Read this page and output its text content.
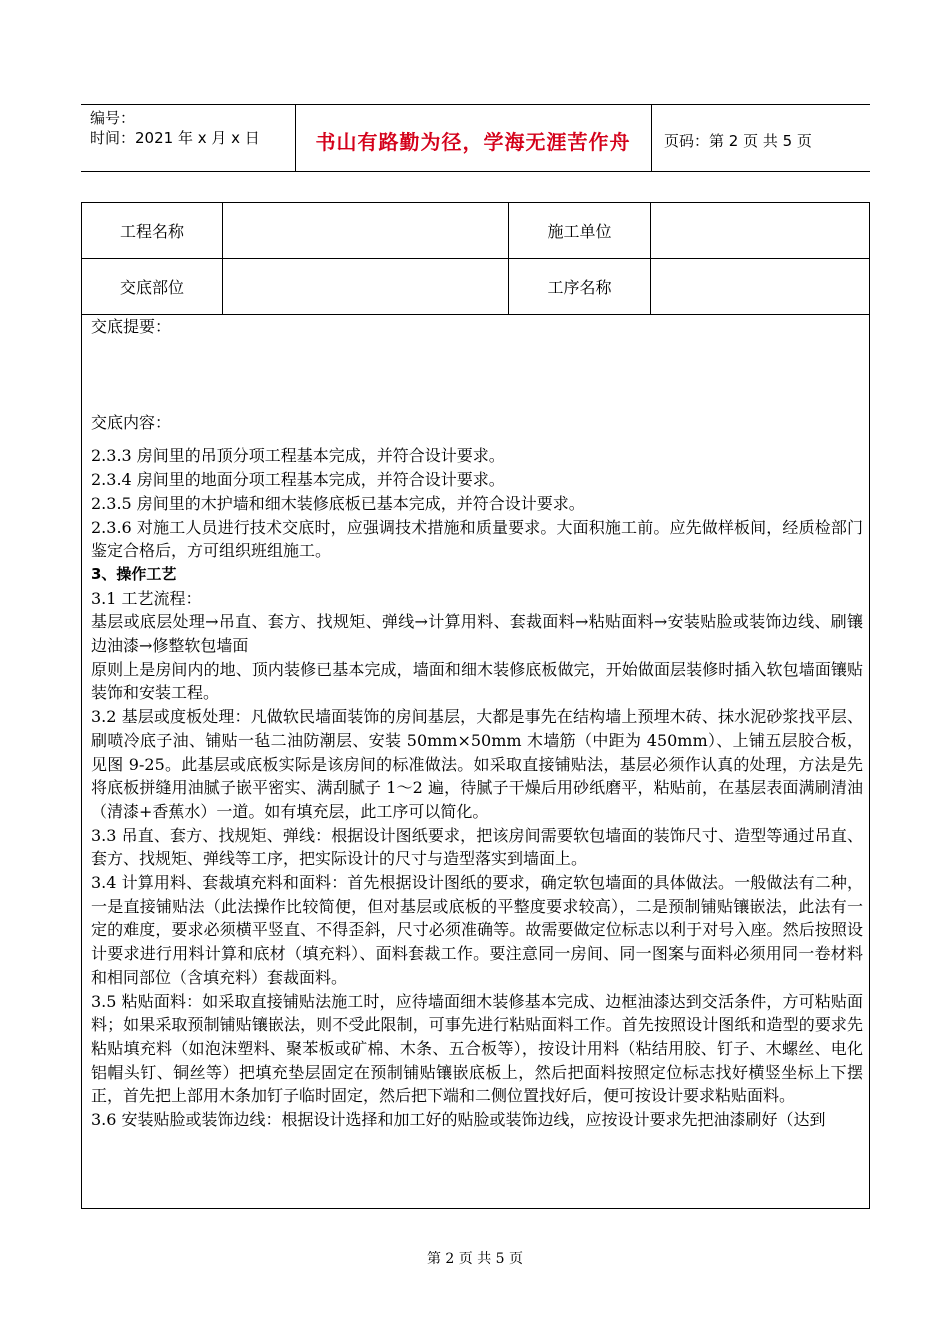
编号：
时间：2021 年 x 月 x 日	书山有路勤为径，学海无涯苦作舟	页码：第 2 页 共 5 页
工程名称	施工单位
交底部位	工序名称

交底提要：

交底内容：

2.3.3 房间里的吊顶分项工程基本完成，并符合设计要求。

2.3.4 房间里的地面分项工程基本完成，并符合设计要求。

2.3.5 房间里的木护墙和细木装修底板已基本完成，并符合设计要求。

2.3.6 对施工人员进行技术交底时，应强调技术措施和质量要求。大面积施工前。应先做样板间，经质检部门鉴定合格后，方可组织班组施工。

3、操作工艺

3.1 工艺流程：

基层或底层处理→吊直、套方、找规矩、弹线→计算用料、套裁面料→粘贴面料→安装贴脸或装饰边线、刷镶边油漆→修整软包墙面

原则上是房间内的地、顶内装修已基本完成，墙面和细木装修底板做完，开始做面层装修时插入软包墙面镶贴装饰和安装工程。

3.2 基层或度板处理：凡做软民墙面装饰的房间基层，大都是事先在结构墙上预埋木砖、抹水泥砂浆找平层、刷喷冷底子油、铺贴一毡二油防潮层、安装 50mm×50mm 木墙筋（中距为 450mm）、上铺五层胶合板，见图 9-25。此基层或底板实际是该房间的标准做法。如采取直接铺贴法，基层必须作认真的处理，方法是先将底板拼缝用油腻子嵌平密实、满刮腻子 1～2 遍，待腻子干燥后用砂纸磨平，粘贴前，在基层表面满刷清油（清漆+香蕉水）一道。如有填充层，此工序可以简化。

3.3 吊直、套方、找规矩、弹线：根据设计图纸要求，把该房间需要软包墙面的装饰尺寸、造型等通过吊直、套方、找规矩、弹线等工序，把实际设计的尺寸与造型落实到墙面上。

3.4 计算用料、套裁填充料和面料：首先根据设计图纸的要求，确定软包墙面的具体做法。一般做法有二种，一是直接铺贴法（此法操作比较简便，但对基层或底板的平整度要求较高），二是预制铺贴镶嵌法，此法有一定的难度，要求必须横平竖直、不得歪斜，尺寸必须准确等。故需要做定位标志以利于对号入座。然后按照设计要求进行用料计算和底材（填充料）、面料套裁工作。要注意同一房间、同一图案与面料必须用同一卷材料和相同部位（含填充料）套裁面料。

3.5 粘贴面料：如采取直接铺贴法施工时，应待墙面细木装修基本完成、边框油漆达到交活条件，方可粘贴面料；如果采取预制铺贴镶嵌法，则不受此限制，可事先进行粘贴面料工作。首先按照设计图纸和造型的要求先粘贴填充料（如泡沫塑料、聚苯板或矿棉、木条、五合板等），按设计用料（粘结用胶、钉子、木螺丝、电化铝帽头钉、铜丝等）把填充垫层固定在预制铺贴镶嵌底板上，然后把面料按照定位标志找好横竖坐标上下摆正，首先把上部用木条加钉子临时固定，然后把下端和二侧位置找好后，便可按设计要求粘贴面料。

3.6 安装贴脸或装饰边线：根据设计选择和加工好的贴脸或装饰边线，应按设计要求先把油漆刷好（达到

第 2 页 共 5 页
